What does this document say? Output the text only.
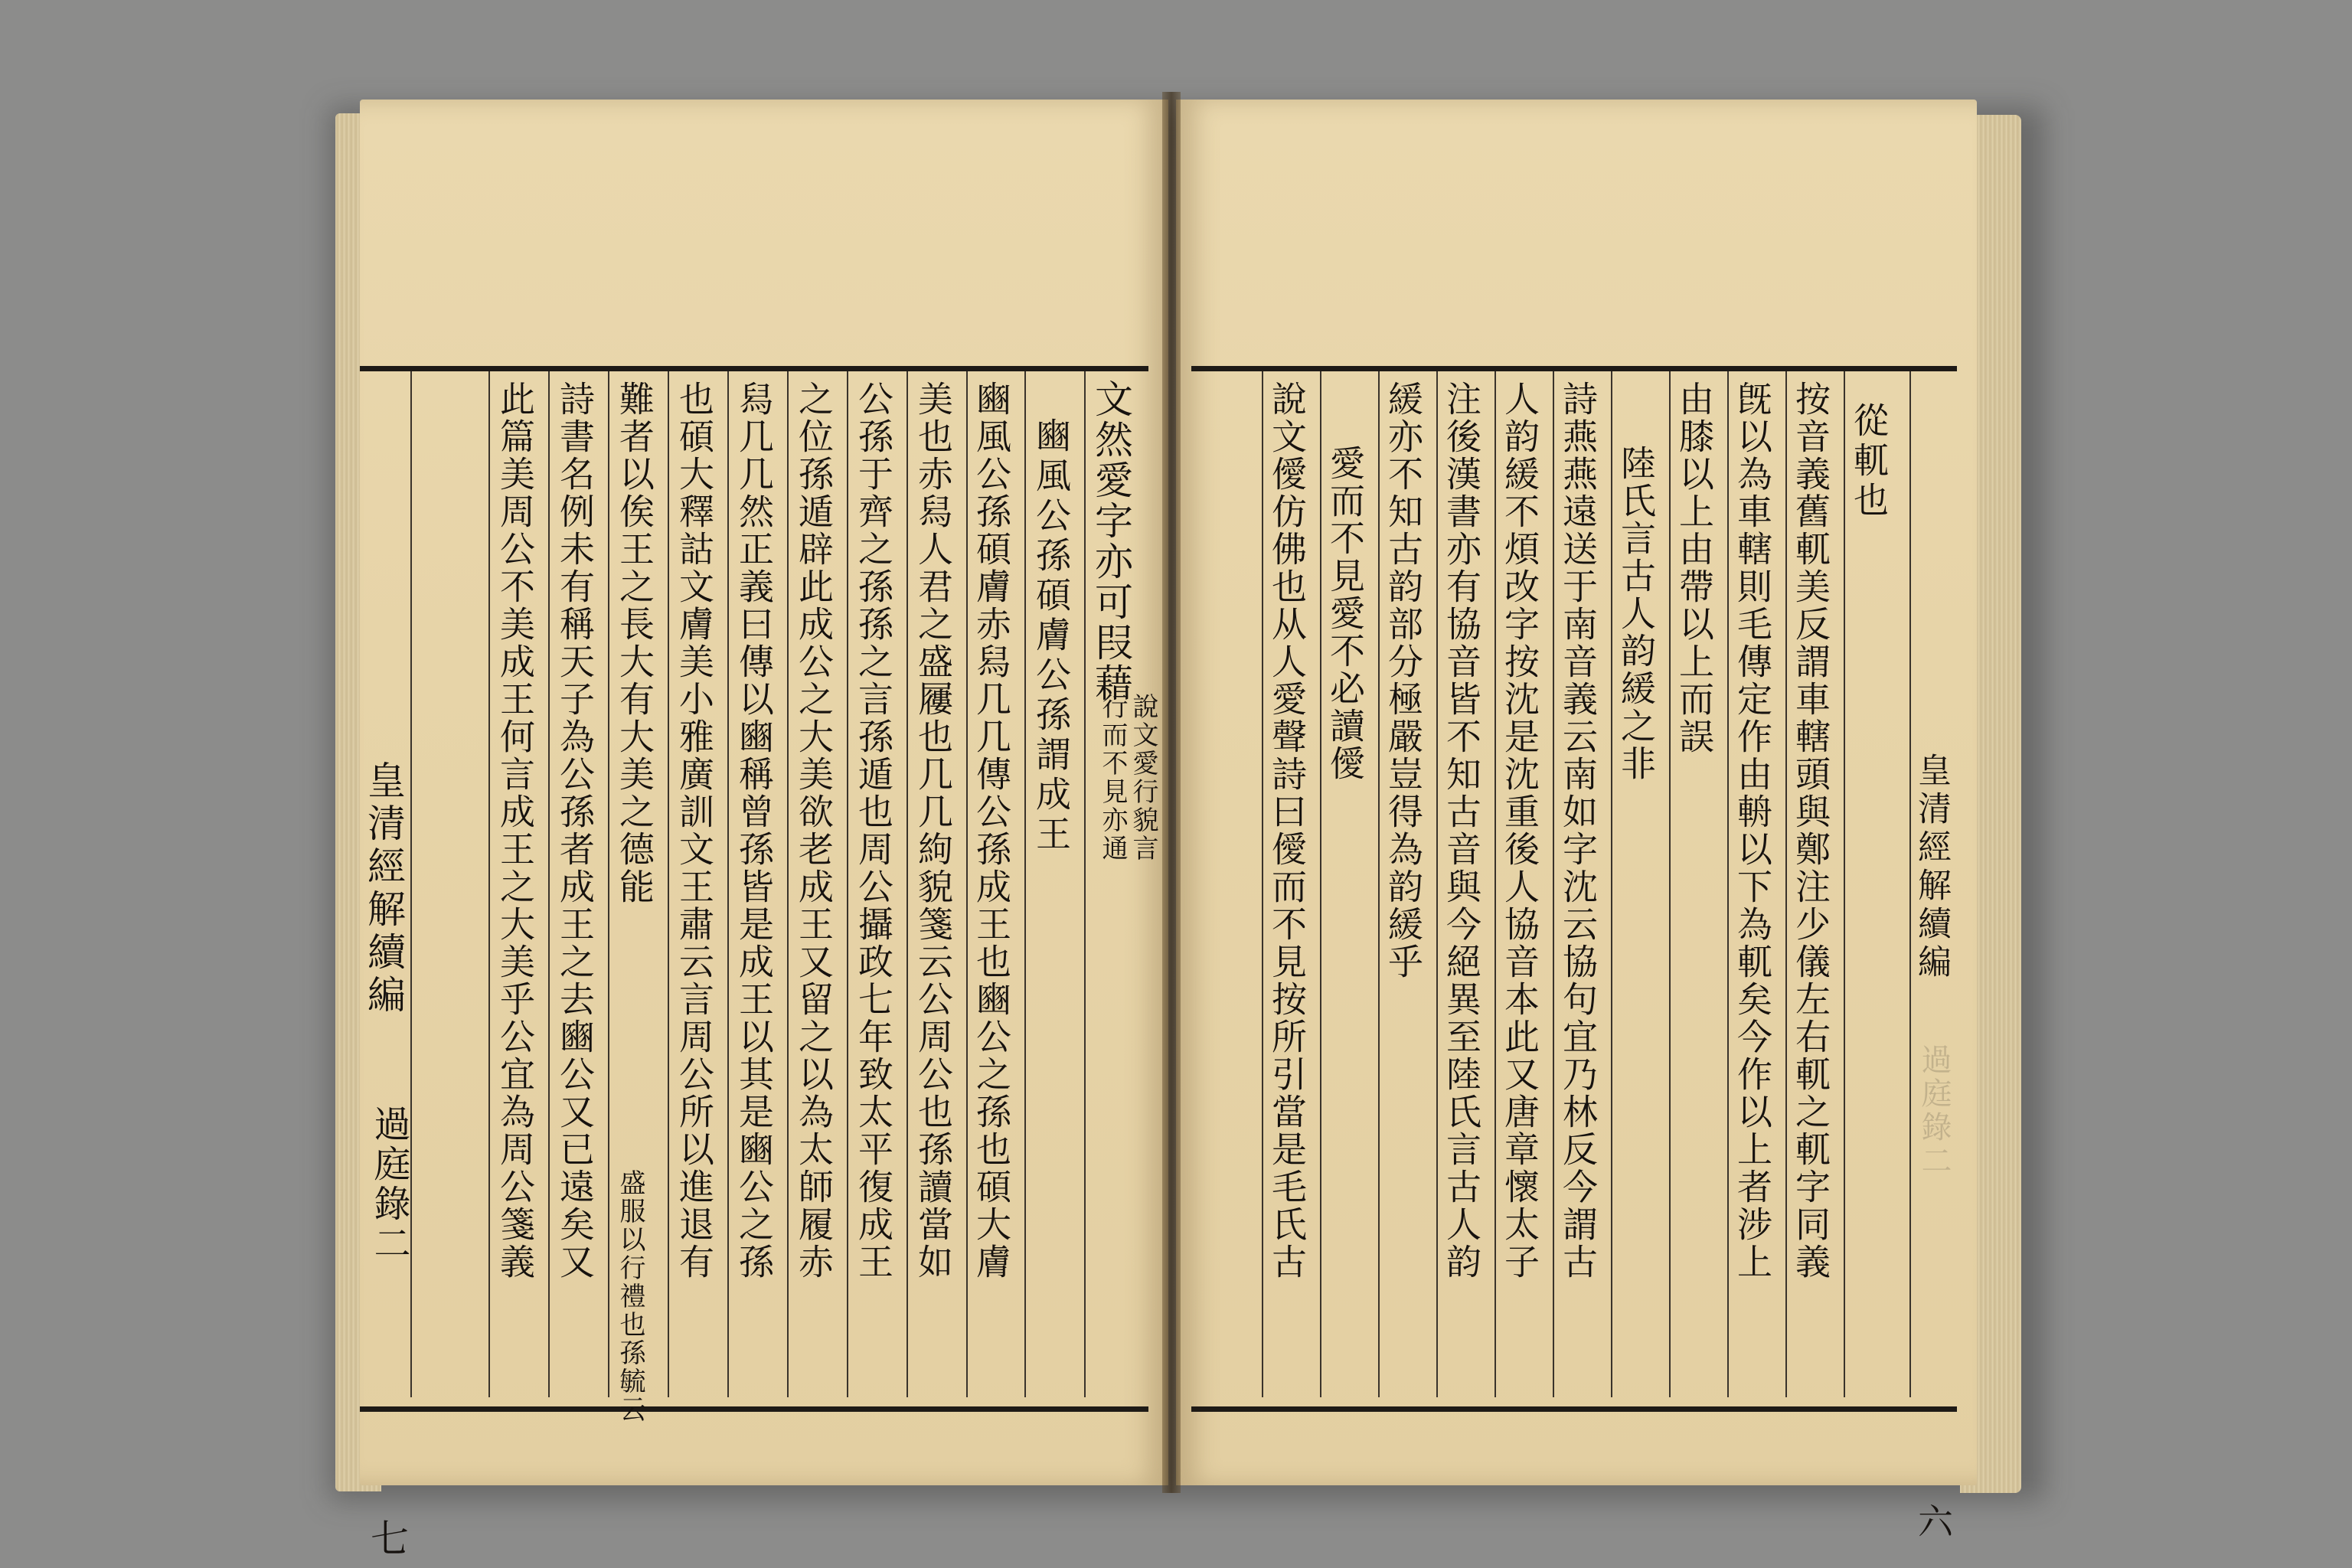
皇清經解續編
過庭錄二
七
文然愛字亦可叚藉
說文愛行貌言
行而不見亦通
豳風公孫碩膚公孫謂成王
豳風公孫碩膚赤舄几几傳公孫成王也豳公之孫也碩大膚
美也赤舄人君之盛屨也几几絇貌箋云公周公也孫讀當如
公孫于齊之孫孫之言孫遁也周公攝政七年致太平復成王
之位孫遁辟此成公之大美欲老成王又留之以為太師履赤
舄几几然正義曰傳以豳稱曾孫皆是成王以其是豳公之孫
也碩大釋詁文膚美小雅廣訓文王肅云言周公所以進退有
難者以俟王之長大有大美之德能
盛服以行禮也孫毓云
詩書名例未有稱天子為公孫者成王之去豳公又已遠矣又
此篇美周公不美成王何言成王之大美乎公宜為周公箋義	皇清經解續編
過庭錄二
六
從軏也
按音義舊軏美反謂車轄頭與鄭注少儀左右軏之軏字同義
旣以為車轄則毛傳定作由輈以下為軏矣今作以上者涉上
由膝以上由帶以上而誤
陸氏言古人韵緩之非
詩燕燕遠送于南音義云南如字沈云協句宜乃林反今謂古
人韵緩不煩改字按沈是沈重後人協音本此又唐章懷太子
注後漢書亦有協音皆不知古音與今絕異至陸氏言古人韵
緩亦不知古韵部分極嚴豈得為韵緩乎
愛而不見愛不必讀僾
說文僾仿佛也从人愛聲詩曰僾而不見按所引當是毛氏古
